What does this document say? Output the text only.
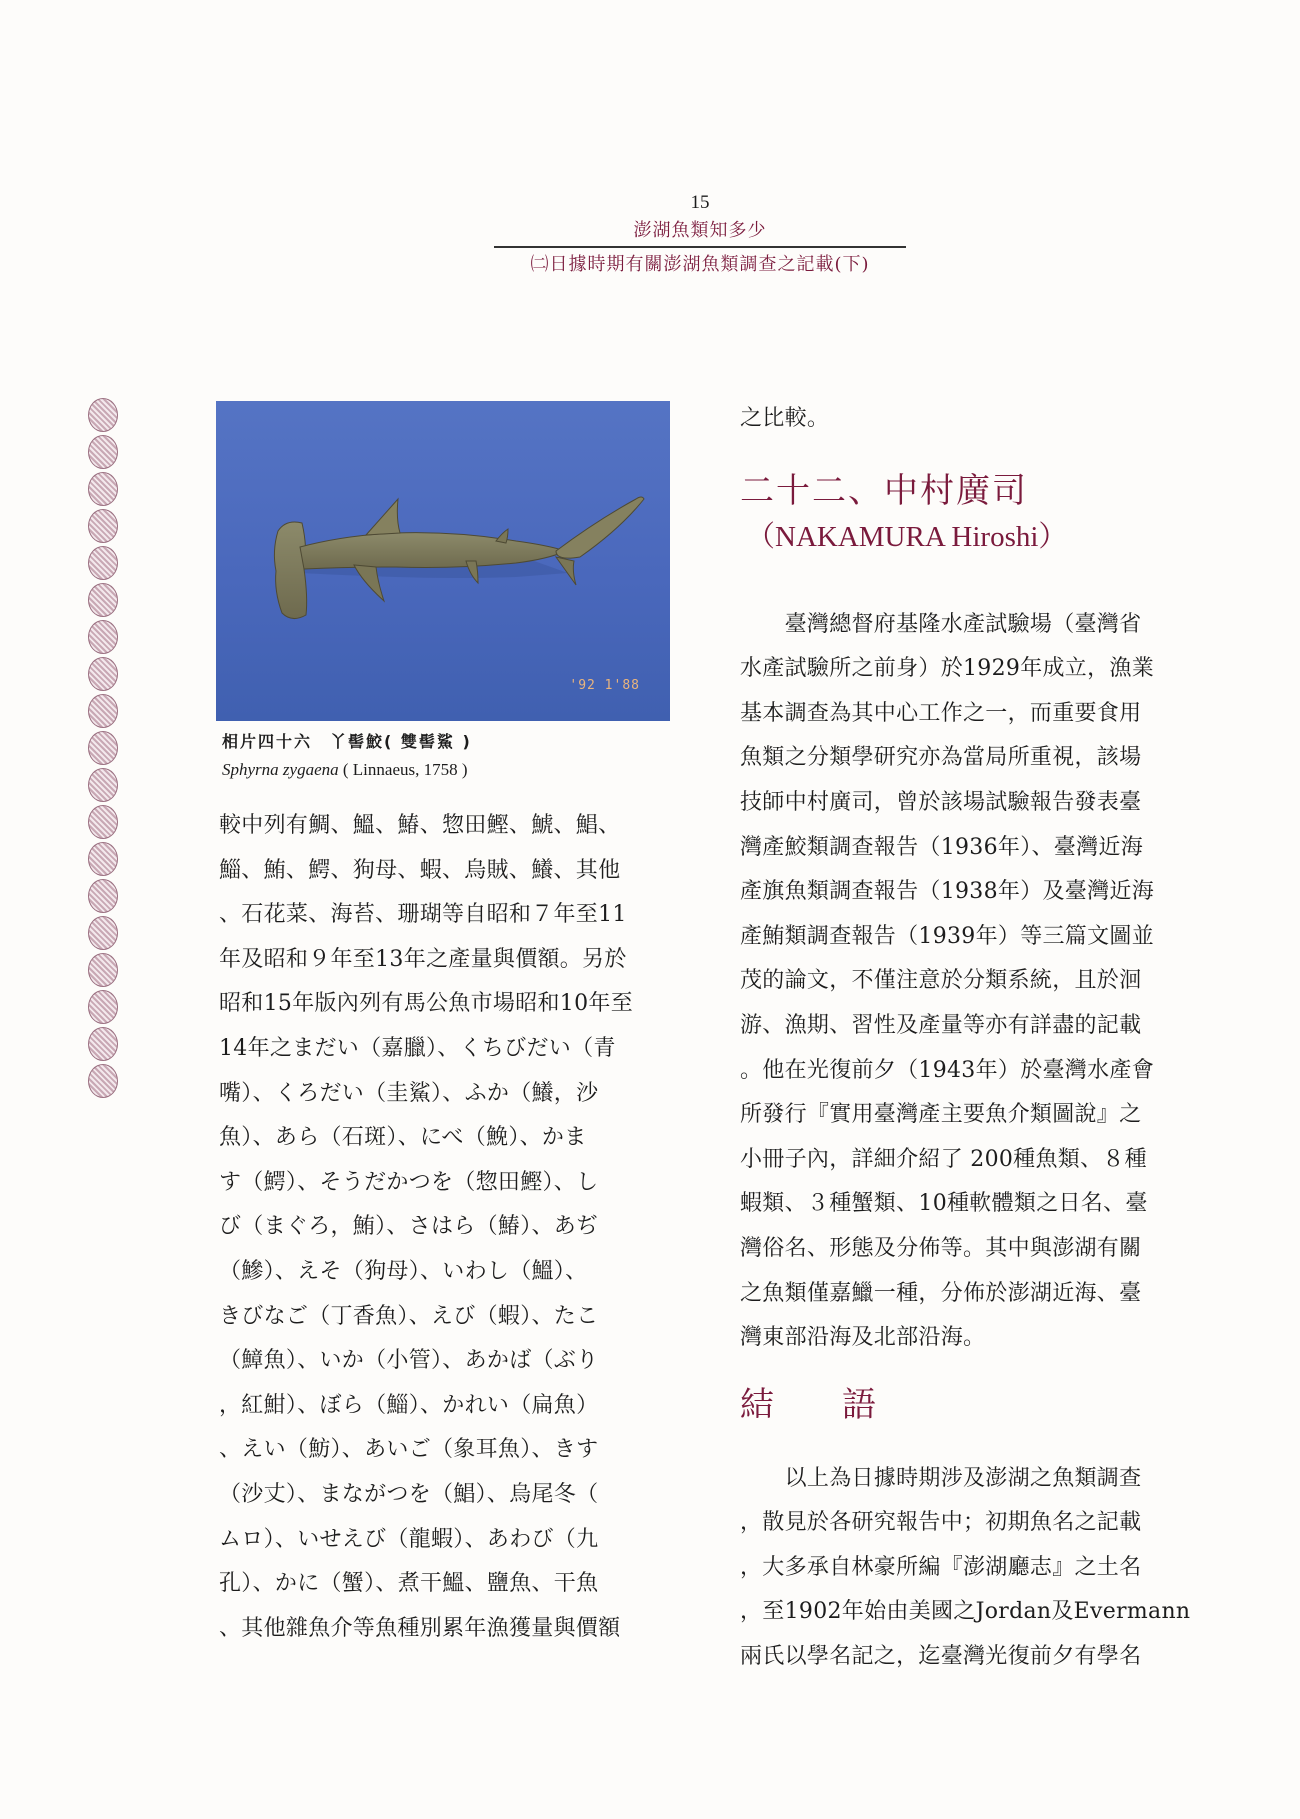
15
澎湖魚類知多少
㈡日據時期有關澎湖魚類調查之記載(下)
'92 1'88
相片四十六　丫髻鮫( 雙髻鯊 )
Sphyrna zygaena ( Linnaeus, 1758 )
較中列有鯛、鰮、鰆、惣田鰹、鯱、鯧、
鯔、鮪、鰐、狗母、蝦、烏賊、鱶、其他
、石花菜、海苔、珊瑚等自昭和７年至11
年及昭和９年至13年之產量與價額。另於
昭和15年版內列有馬公魚市場昭和10年至
14年之まだい（嘉臘）、くちびだい（青
嘴）、くろだい（圭鯊）、ふか（鱶，沙
魚）、あら（石斑）、にべ（鮸）、かま
す（鰐）、そうだかつを（惣田鰹）、し
び（まぐろ，鮪）、さはら（鰆）、あぢ
（鰺）、えそ（狗母）、いわし（鰮）、
きびなご（丁香魚）、えび（蝦）、たこ
（鱆魚）、いか（小管）、あかば（ぶり
，紅魽）、ぼら（鯔）、かれい（扁魚）
、えい（魴）、あいご（象耳魚）、きす
（沙丈）、まながつを（鯧）、烏尾冬（
ムロ）、いせえび（龍蝦）、あわび（九
孔）、かに（蟹）、煮干鰮、鹽魚、干魚
、其他雜魚介等魚種別累年漁獲量與價額
之比較。
二十二、中村廣司
（NAKAMURA Hiroshi）
　　臺灣總督府基隆水產試驗場（臺灣省
水產試驗所之前身）於1929年成立，漁業
基本調查為其中心工作之一，而重要食用
魚類之分類學研究亦為當局所重視，該場
技師中村廣司，曾於該場試驗報告發表臺
灣產鮫類調查報告（1936年）、臺灣近海
產旗魚類調查報告（1938年）及臺灣近海
產鮪類調查報告（1939年）等三篇文圖並
茂的論文，不僅注意於分類系統，且於洄
游、漁期、習性及產量等亦有詳盡的記載
。他在光復前夕（1943年）於臺灣水產會
所發行『實用臺灣產主要魚介類圖說』之
小冊子內，詳細介紹了 200種魚類、８種
蝦類、３種蟹類、10種軟體類之日名、臺
灣俗名、形態及分佈等。其中與澎湖有關
之魚類僅嘉鱲一種，分佈於澎湖近海、臺
灣東部沿海及北部沿海。
結　　語
　　以上為日據時期涉及澎湖之魚類調查
，散見於各研究報告中；初期魚名之記載
，大多承自林豪所編『澎湖廳志』之土名
，至1902年始由美國之Jordan及Evermann
兩氏以學名記之，迄臺灣光復前夕有學名
